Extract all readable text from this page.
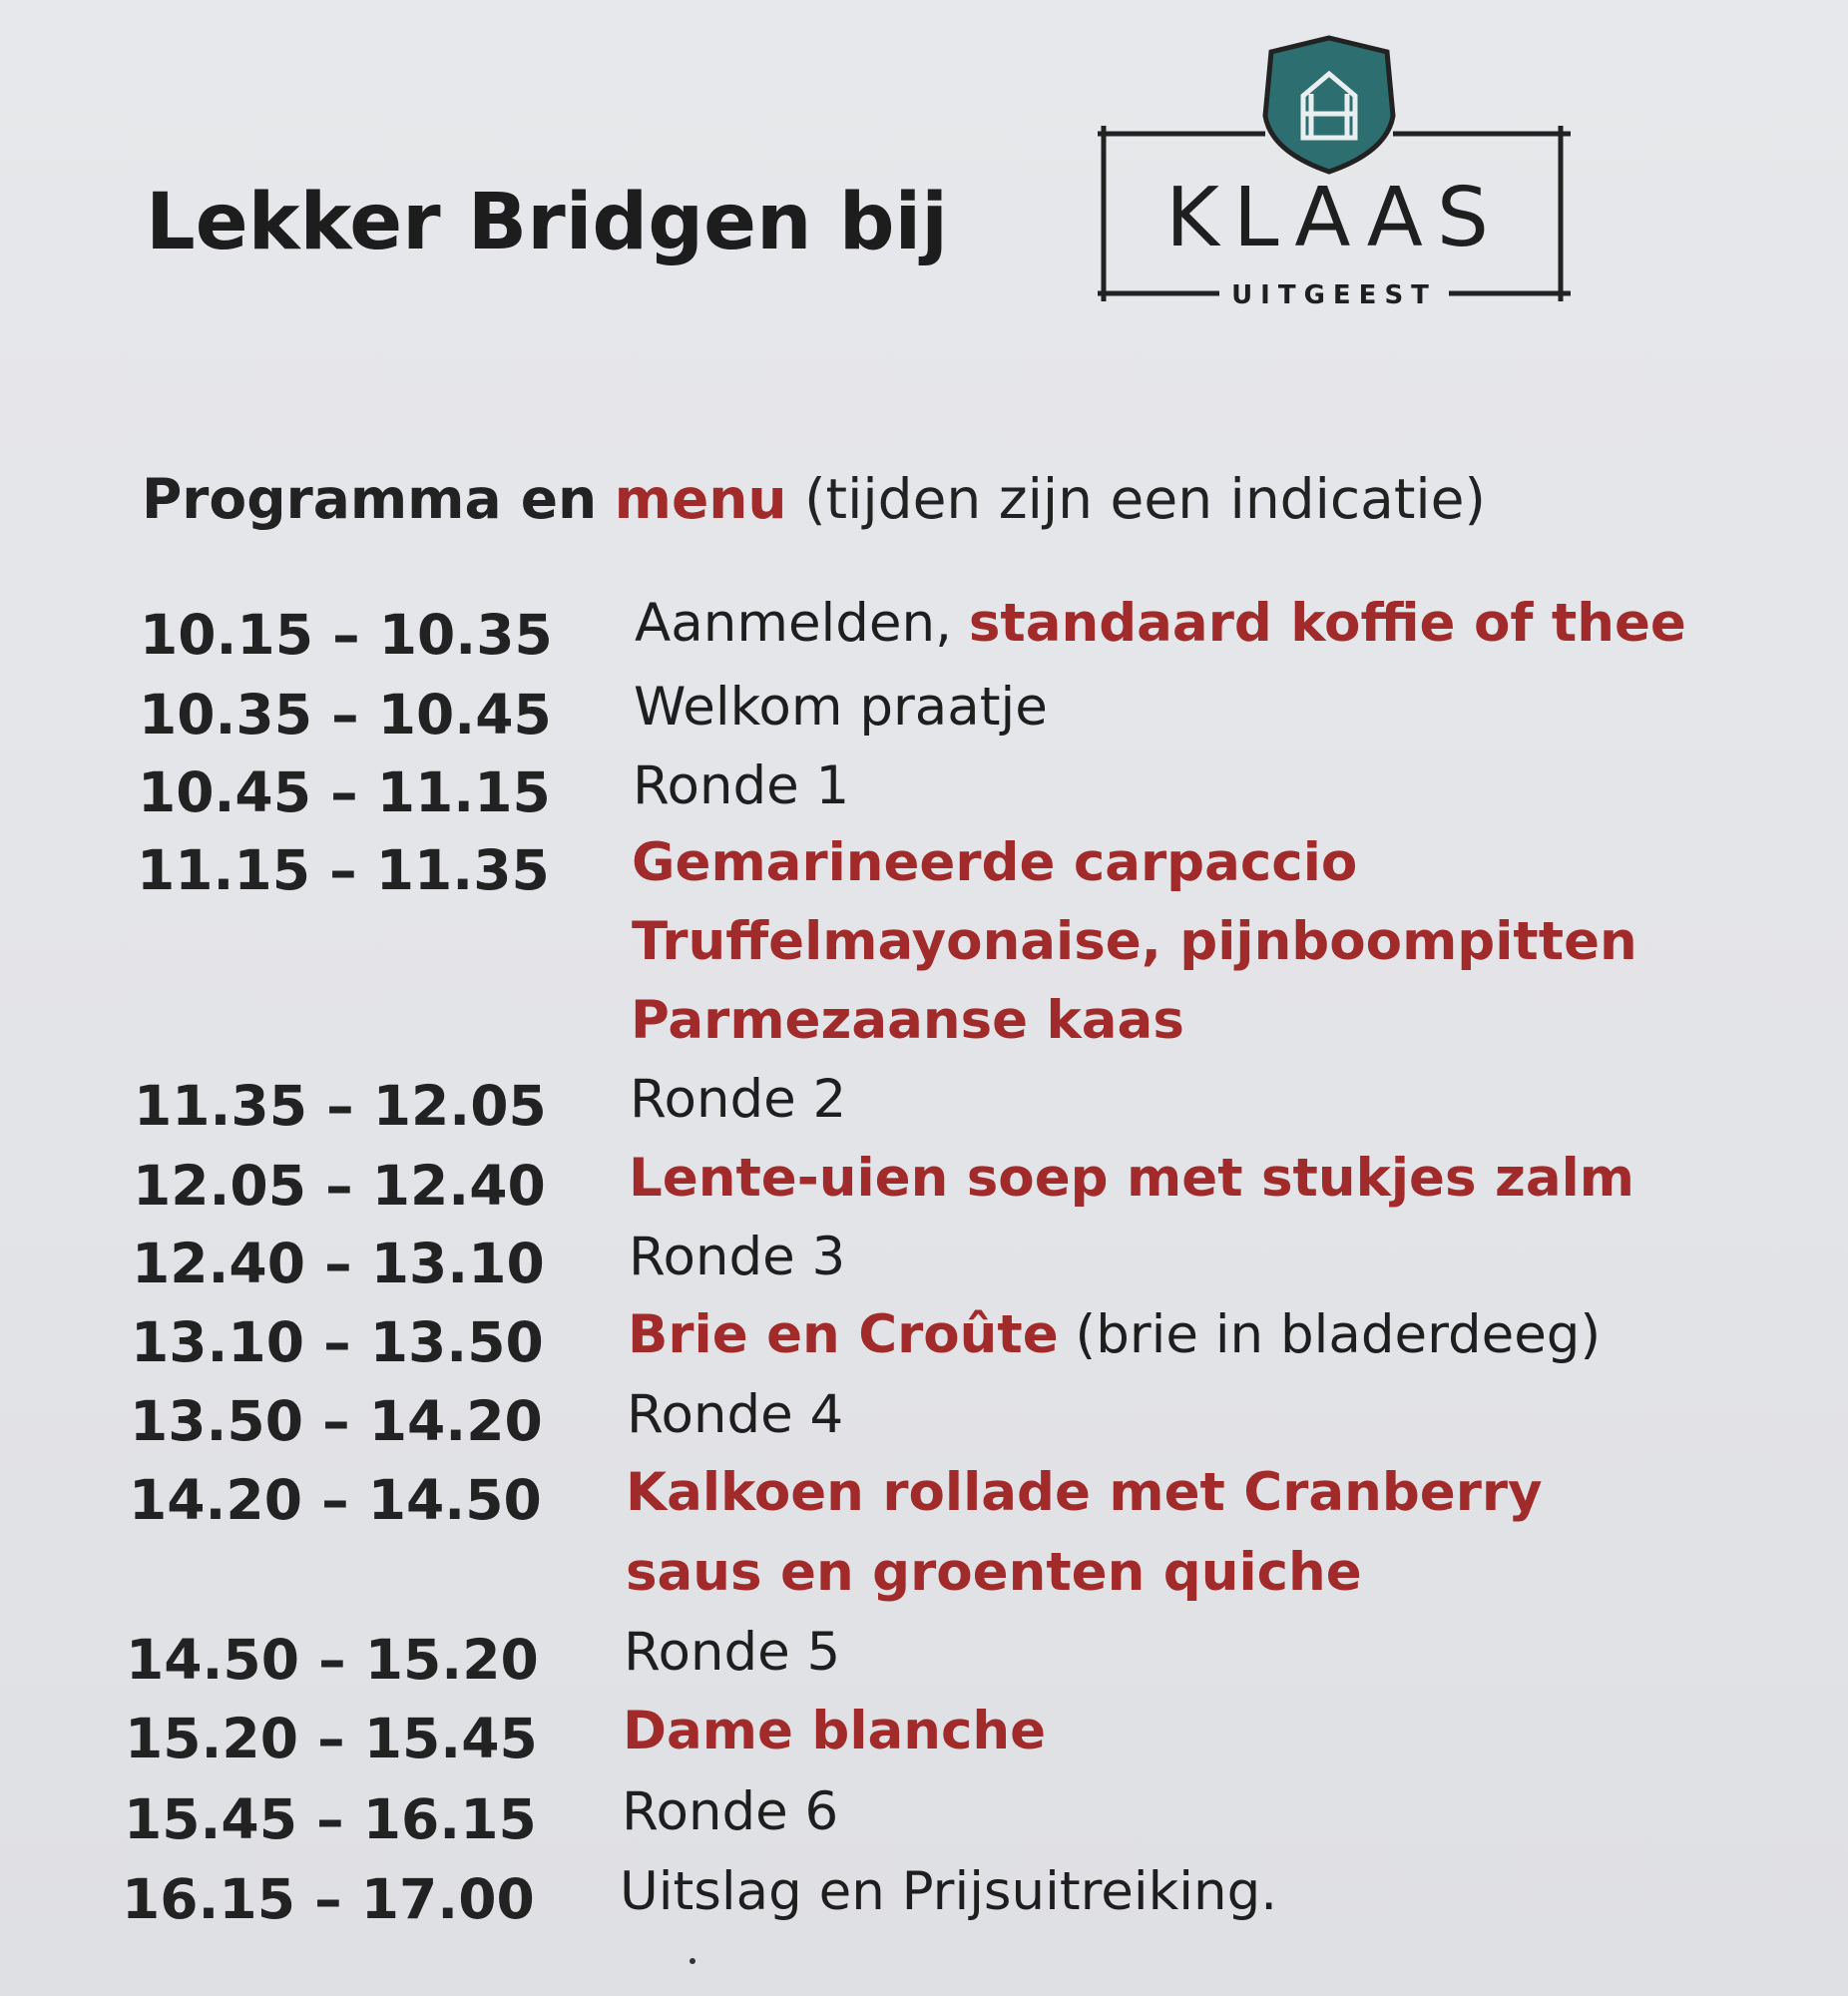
Lekker Bridgen bij	KLAAS
UITGEEST
Programma en menu (tijden zijn een indicatie)
10.15 – 10.35 Aanmelden, standaard koffie of thee
10.35 – 10.45 Welkom praatje
10.45 – 11.15 Ronde 1
11.15 – 11.35 Gemarineerde carpaccio
Truffelmayonaise, pijnboompitten
Parmezaanse kaas
11.35 – 12.05 Ronde 2
12.05 – 12.40 Lente-uien soep met stukjes zalm
12.40 – 13.10 Ronde 3
13.10 – 13.50 Brie en Croûte (brie in bladerdeeg)
13.50 – 14.20 Ronde 4
14.20 – 14.50 Kalkoen rollade met Cranberry
saus en groenten quiche
14.50 – 15.20 Ronde 5
15.20 – 15.45 Dame blanche
15.45 – 16.15 Ronde 6
16.15 – 17.00 Uitslag en Prijsuitreiking.
